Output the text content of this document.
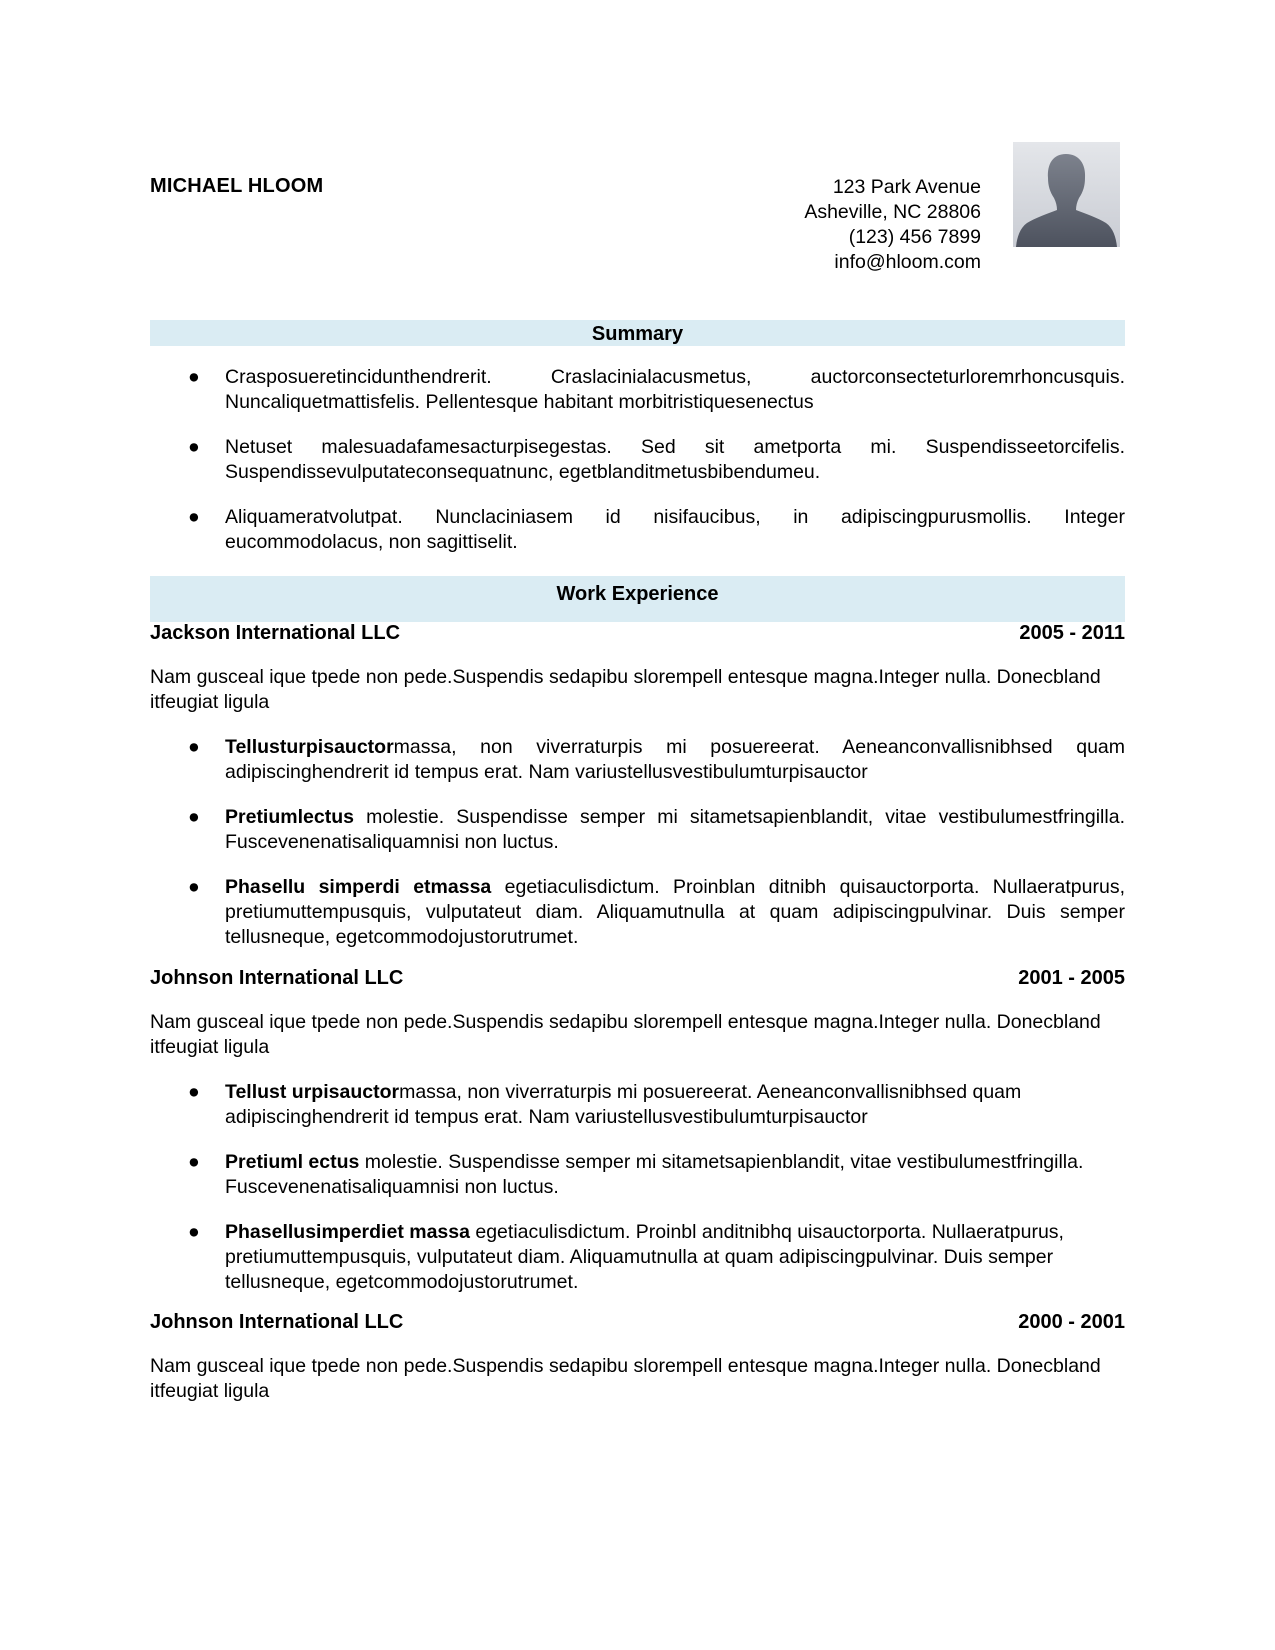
MICHAEL HLOOM	123 Park Avenue
Asheville, NC 28806
(123) 456 7899
info@hloom.com
Summary
● Crasposueretincidunthendrerit. Craslacinialacusmetus, auctorconsecteturloremrhoncusquis. Nuncaliquetmattisfelis. Pellentesque habitant morbitristiquesenectus
● Netuset malesuadafamesacturpisegestas. Sed sit ametporta mi. Suspendisseetorcifelis. Suspendissevulputateconsequatnunc, egetblanditmetusbibendumeu.
● Aliquameratvolutpat. Nunclaciniasem id nisifaucibus, in adipiscingpurusmollis. Integer eucommodolacus, non sagittiselit.
Work Experience
Jackson International LLC	2005 - 2011
Nam gusceal ique tpede non pede.Suspendis sedapibu slorempell entesque magna.Integer nulla. Donecbland itfeugiat ligula
● Tellusturpisauctormassa, non viverraturpis mi posuereerat. Aeneanconvallisnibhsed quam adipiscinghendrerit id tempus erat. Nam variustellusvestibulumturpisauctor
● Pretiumlectus molestie. Suspendisse semper mi sitametsapienblandit, vitae vestibulumestfringilla. Fuscevenenatisaliquamnisi non luctus.
● Phasellu simperdi etmassa egetiaculisdictum. Proinblan ditnibh quisauctorporta. Nullaeratpurus, pretiumuttempusquis, vulputateut diam. Aliquamutnulla at quam adipiscingpulvinar. Duis semper tellusneque, egetcommodojustorutrumet.
Johnson International LLC	2001 - 2005
Nam gusceal ique tpede non pede.Suspendis sedapibu slorempell entesque magna.Integer nulla. Donecbland itfeugiat ligula
● Tellust urpisauctormassa, non viverraturpis mi posuereerat. Aeneanconvallisnibhsed quam adipiscinghendrerit id tempus erat. Nam variustellusvestibulumturpisauctor
● Pretiuml ectus molestie. Suspendisse semper mi sitametsapienblandit, vitae vestibulumestfringilla. Fuscevenenatisaliquamnisi non luctus.
● Phasellusimperdiet massa egetiaculisdictum. Proinbl anditnibhq uisauctorporta. Nullaeratpurus, pretiumuttempusquis, vulputateut diam. Aliquamutnulla at quam adipiscingpulvinar. Duis semper tellusneque, egetcommodojustorutrumet.
Johnson International LLC	2000 - 2001
Nam gusceal ique tpede non pede.Suspendis sedapibu slorempell entesque magna.Integer nulla. Donecbland itfeugiat ligula
